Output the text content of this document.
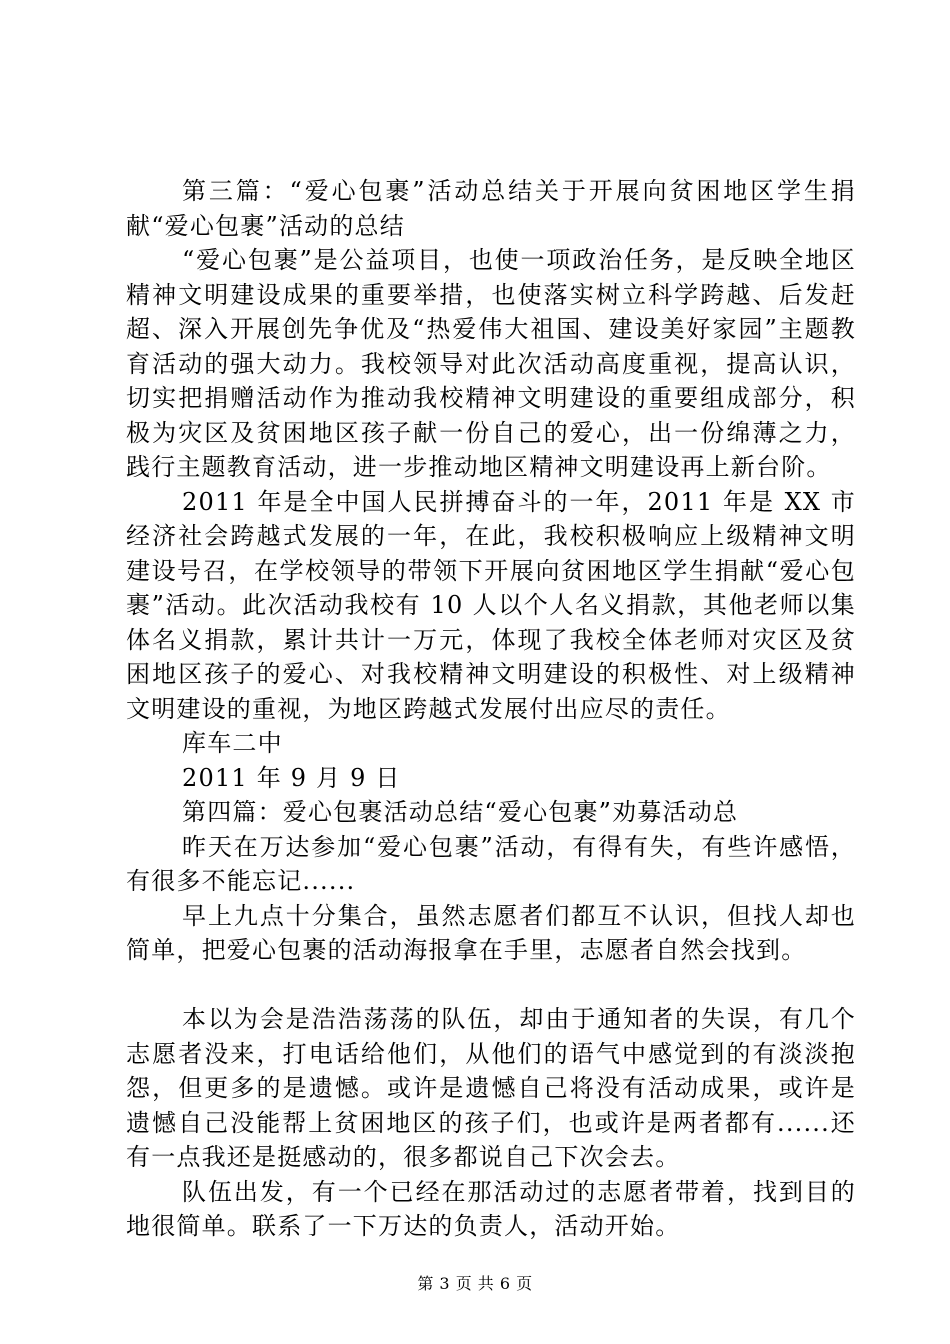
第三篇：“爱心包裹”活动总结关于开展向贫困地区学生捐献“爱心包裹”活动的总结

“爱心包裹”是公益项目，也使一项政治任务，是反映全地区精神文明建设成果的重要举措，也使落实树立科学跨越、后发赶超、深入开展创先争优及“热爱伟大祖国、建设美好家园”主题教育活动的强大动力。我校领导对此次活动高度重视，提高认识，切实把捐赠活动作为推动我校精神文明建设的重要组成部分，积极为灾区及贫困地区孩子献一份自己的爱心，出一份绵薄之力，践行主题教育活动，进一步推动地区精神文明建设再上新台阶。

2011 年是全中国人民拼搏奋斗的一年，2011 年是 XX 市经济社会跨越式发展的一年，在此，我校积极响应上级精神文明建设号召，在学校领导的带领下开展向贫困地区学生捐献“爱心包裹”活动。此次活动我校有 10 人以个人名义捐款，其他老师以集体名义捐款，累计共计一万元，体现了我校全体老师对灾区及贫困地区孩子的爱心、对我校精神文明建设的积极性、对上级精神文明建设的重视，为地区跨越式发展付出应尽的责任。

库车二中

2011 年 9 月 9 日

第四篇：爱心包裹活动总结“爱心包裹”劝募活动总

昨天在万达参加“爱心包裹”活动，有得有失，有些许感悟，有很多不能忘记......

早上九点十分集合，虽然志愿者们都互不认识，但找人却也简单，把爱心包裹的活动海报拿在手里，志愿者自然会找到。

本以为会是浩浩荡荡的队伍，却由于通知者的失误，有几个志愿者没来，打电话给他们，从他们的语气中感觉到的有淡淡抱怨，但更多的是遗憾。或许是遗憾自己将没有活动成果，或许是遗憾自己没能帮上贫困地区的孩子们，也或许是两者都有......还有一点我还是挺感动的，很多都说自己下次会去。

队伍出发，有一个已经在那活动过的志愿者带着，找到目的地很简单。联系了一下万达的负责人，活动开始。

第 3 页 共 6 页
